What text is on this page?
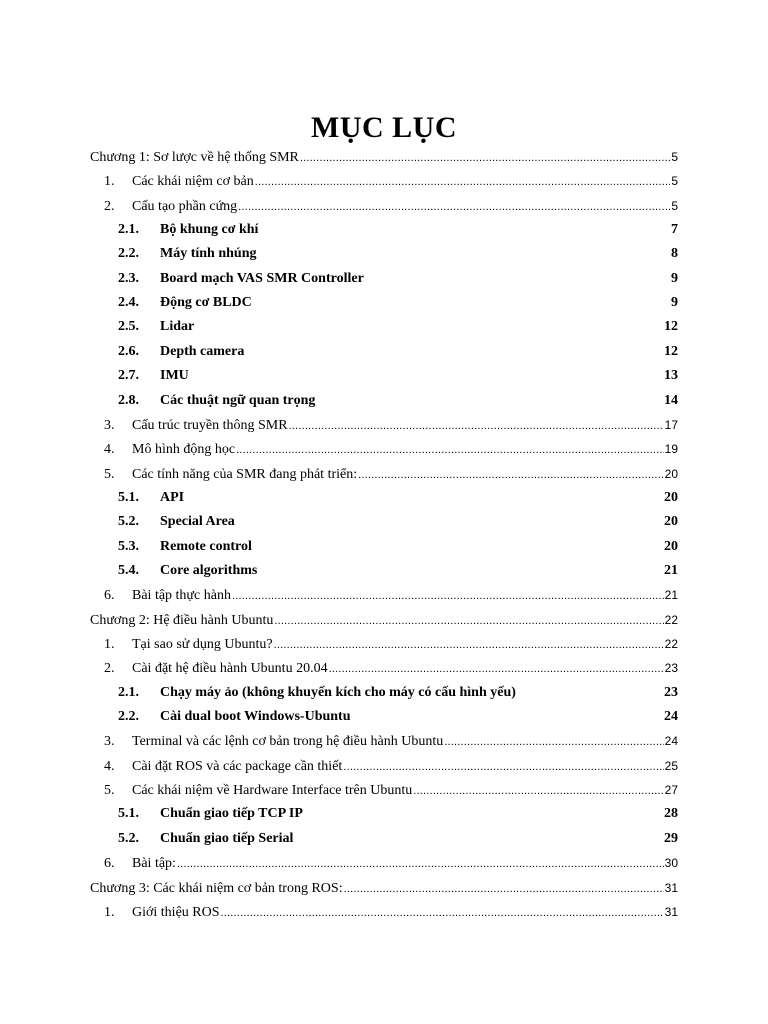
MỤC LỤC
Chương 1: Sơ lược về hệ thống SMR .....	5
1.	Các khái niệm cơ bản .....	5
2.	Cấu tạo phần cứng .....	5
2.1.	Bộ khung cơ khí	7
2.2.	Máy tính nhúng	8
2.3.	Board mạch VAS SMR Controller	9
2.4.	Động cơ BLDC	9
2.5.	Lidar	12
2.6.	Depth camera	12
2.7.	IMU	13
2.8.	Các thuật ngữ quan trọng	14
3.	Cấu trúc truyền thông SMR .....	17
4.	Mô hình động học .....	19
5.	Các tính năng của SMR đang phát triển: .....	20
5.1.	API	20
5.2.	Special Area	20
5.3.	Remote control	20
5.4.	Core algorithms	21
6.	Bài tập thực hành .....	21
Chương 2: Hệ điều hành Ubuntu .....	22
1.	Tại sao sử dụng Ubuntu? .....	22
2.	Cài đặt hệ điều hành Ubuntu 20.04 .....	23
2.1.	Chạy máy ảo (không khuyến kích cho máy có cấu hình yếu)	23
2.2.	Cài dual boot Windows-Ubuntu	24
3.	Terminal và các lệnh cơ bản trong hệ điều hành Ubuntu .....	24
4.	Cài đặt ROS và các package cần thiết .....	25
5.	Các khái niệm về Hardware Interface trên Ubuntu .....	27
5.1.	Chuẩn giao tiếp TCP IP	28
5.2.	Chuẩn giao tiếp Serial	29
6.	Bài tập: .....	30
Chương 3: Các khái niệm cơ bản trong ROS: .....	31
1.	Giới thiệu ROS .....	31
